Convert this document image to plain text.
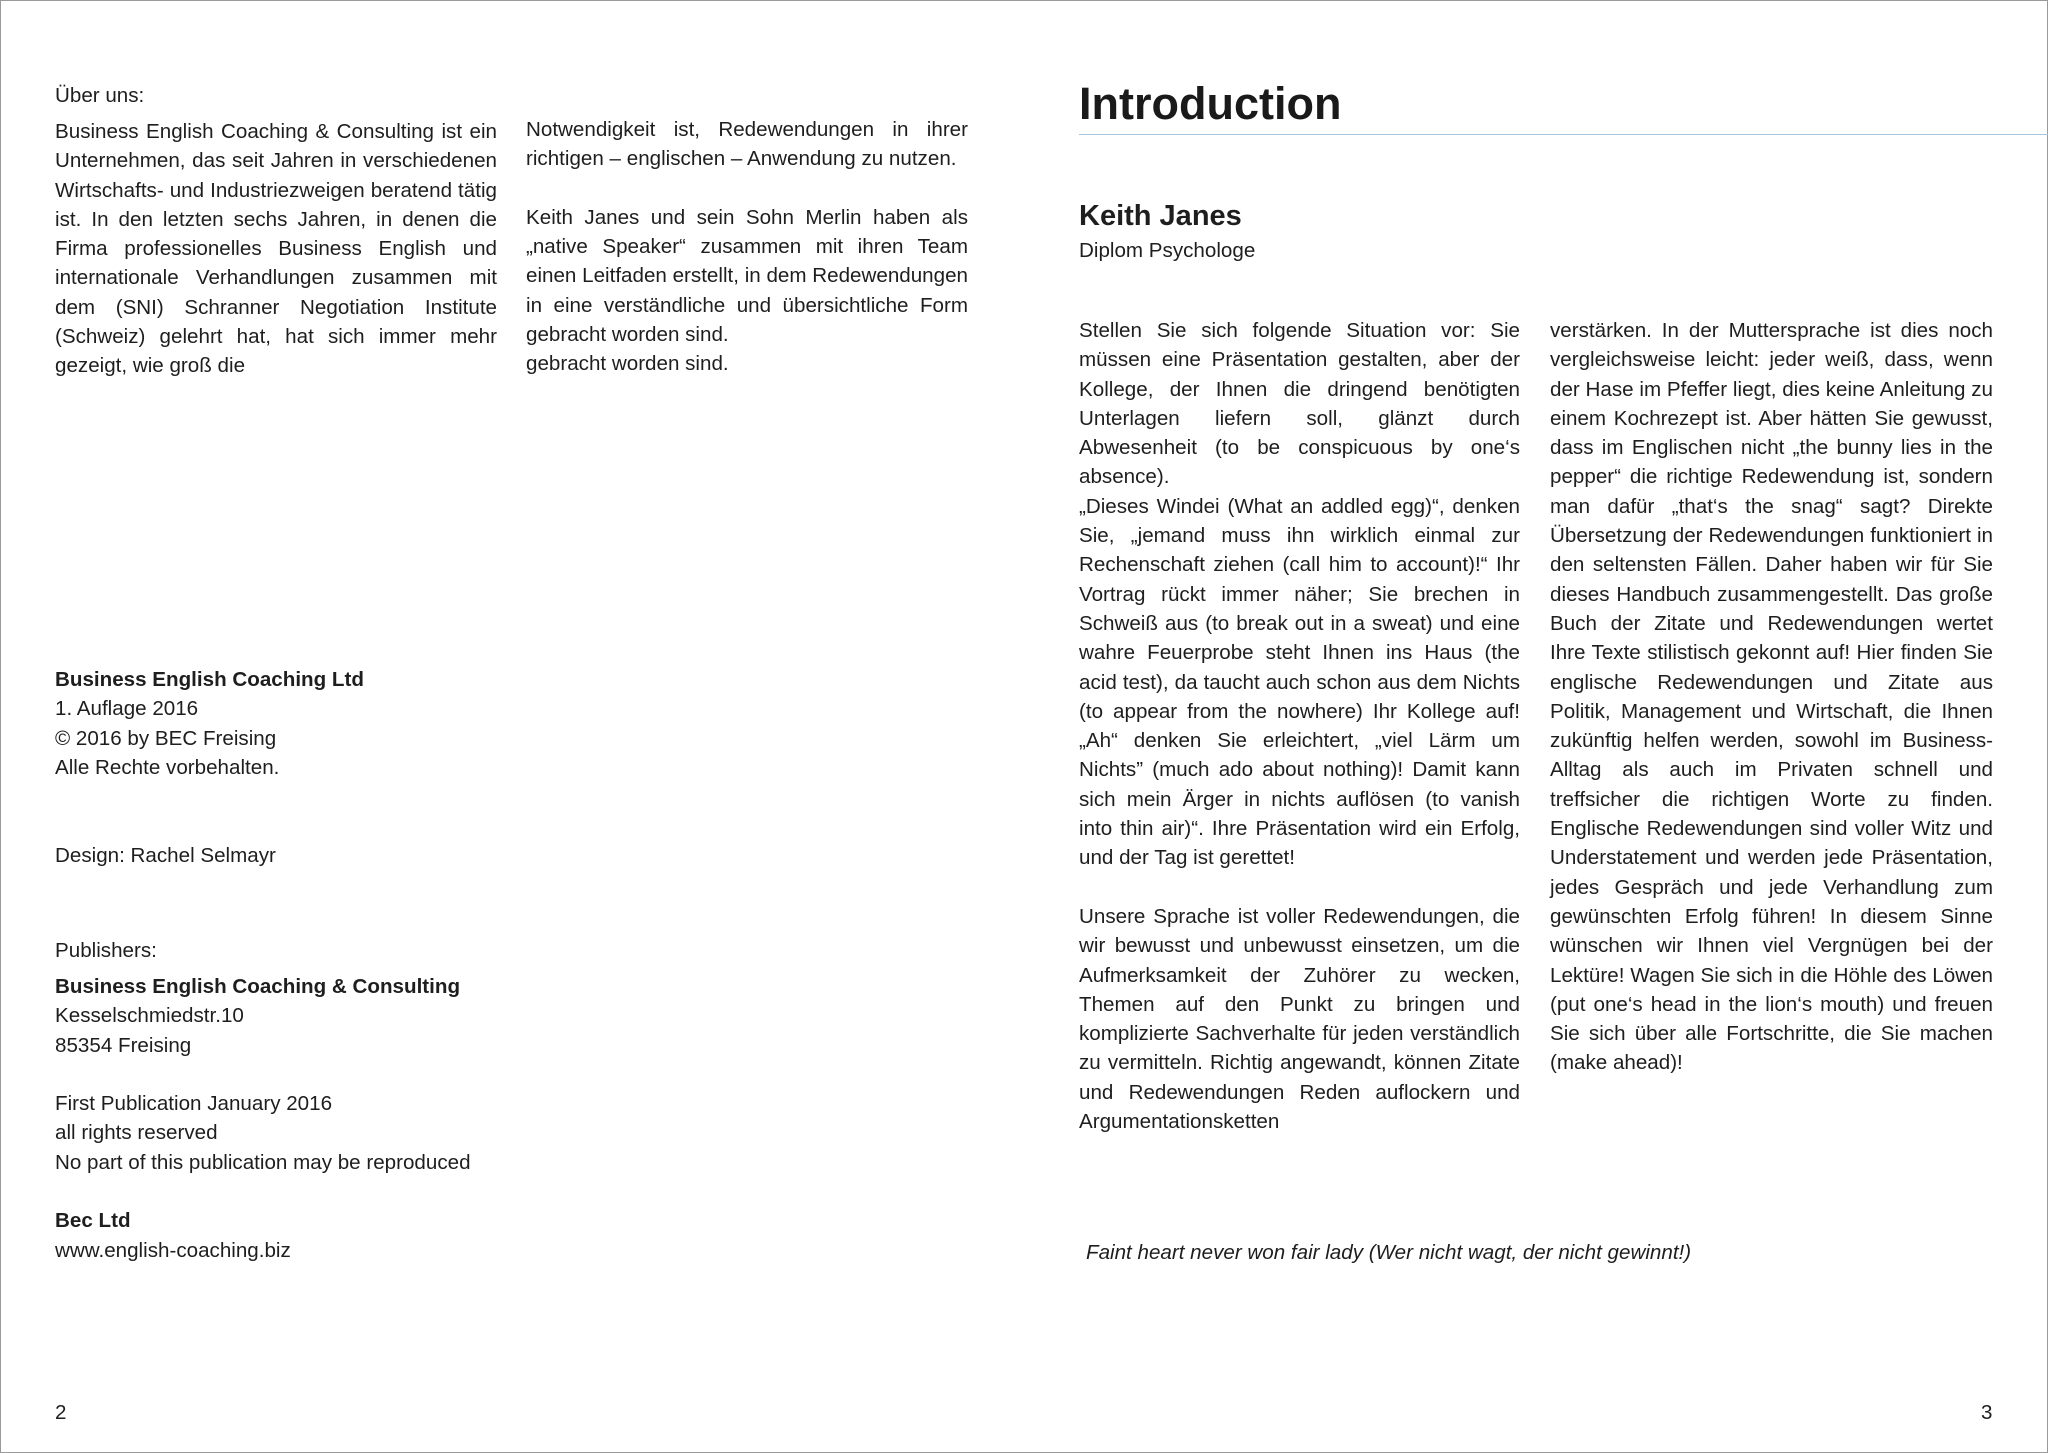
Über uns:

Business English Coaching & Consulting ist ein Unternehmen, das seit Jahren in verschiedenen Wirtschafts- und Industriezweigen beratend tätig ist. In den letzten sechs Jahren, in denen die Firma professionelles Business English und internationale Verhandlungen zusammen mit dem (SNI) Schranner Negotiation Institute (Schweiz) gelehrt hat, hat sich immer mehr gezeigt, wie groß die

Notwendigkeit ist, Redewendungen in ihrer richtigen – englischen – Anwendung zu nutzen.

Keith Janes und sein Sohn Merlin haben als „native Speaker“ zusammen mit ihren Team einen Leitfaden erstellt, in dem Redewendungen in eine verständliche und übersichtliche Form gebracht worden sind.

gebracht worden sind.

Business English Coaching Ltd
1. Auflage 2016
© 2016 by BEC Freising
Alle Rechte vorbehalten.
Design: Rachel Selmayr
Publishers:
Business English Coaching & Consulting
Kesselschmiedstr.10
85354 Freising
First Publication January 2016
all rights reserved
No part of this publication may be reproduced
Bec Ltd
www.english-coaching.biz
2
Introduction
Keith Janes
Diplom Psychologe

Stellen Sie sich folgende Situation vor: Sie müssen eine Präsentation gestalten, aber der Kollege, der Ihnen die dringend benötigten Unterlagen liefern soll, glänzt durch Abwesenheit (to be conspicuous by one‘s absence).

„Dieses Windei (What an addled egg)“, denken Sie, „jemand muss ihn wirklich einmal zur Rechenschaft ziehen (call him to account)!“ Ihr Vortrag rückt immer näher; Sie brechen in Schweiß aus (to break out in a sweat) und eine wahre Feuerprobe steht Ihnen ins Haus (the acid test), da taucht auch schon aus dem Nichts (to appear from the nowhere) Ihr Kollege auf! „Ah“ denken Sie erleichtert, „viel Lärm um Nichts” (much ado about nothing)! Damit kann sich mein Ärger in nichts auflösen (to vanish into thin air)“. Ihre Präsentation wird ein Erfolg, und der Tag ist gerettet!

Unsere Sprache ist voller Redewendungen, die wir bewusst und unbewusst einsetzen, um die Aufmerksamkeit der Zuhörer zu wecken, Themen auf den Punkt zu bringen und komplizierte Sachverhalte für jeden verständlich zu vermitteln. Richtig angewandt, können Zitate und Redewendungen Reden auflockern und Argumentationsketten

verstärken. In der Muttersprache ist dies noch vergleichsweise leicht: jeder weiß, dass, wenn der Hase im Pfeffer liegt, dies keine Anleitung zu einem Kochrezept ist. Aber hätten Sie gewusst, dass im Englischen nicht „the bunny lies in the pepper“ die richtige Redewendung ist, sondern man dafür „that‘s the snag“ sagt? Direkte Übersetzung der Redewendungen funktioniert in den seltensten Fällen. Daher haben wir für Sie dieses Handbuch zusammengestellt. Das große Buch der Zitate und Redewendungen wertet Ihre Texte stilistisch gekonnt auf! Hier finden Sie englische Redewendungen und Zitate aus Politik, Management und Wirtschaft, die Ihnen zukünftig helfen werden, sowohl im Business-Alltag als auch im Privaten schnell und treffsicher die richtigen Worte zu finden. Englische Redewendungen sind voller Witz und Understatement und werden jede Präsentation, jedes Gespräch und jede Verhandlung zum gewünschten Erfolg führen! In diesem Sinne wünschen wir Ihnen viel Vergnügen bei der Lektüre! Wagen Sie sich in die Höhle des Löwen (put one‘s head in the lion‘s mouth) und freuen Sie sich über alle Fortschritte, die Sie machen (make ahead)!

Faint heart never won fair lady (Wer nicht wagt, der nicht gewinnt!)
3
